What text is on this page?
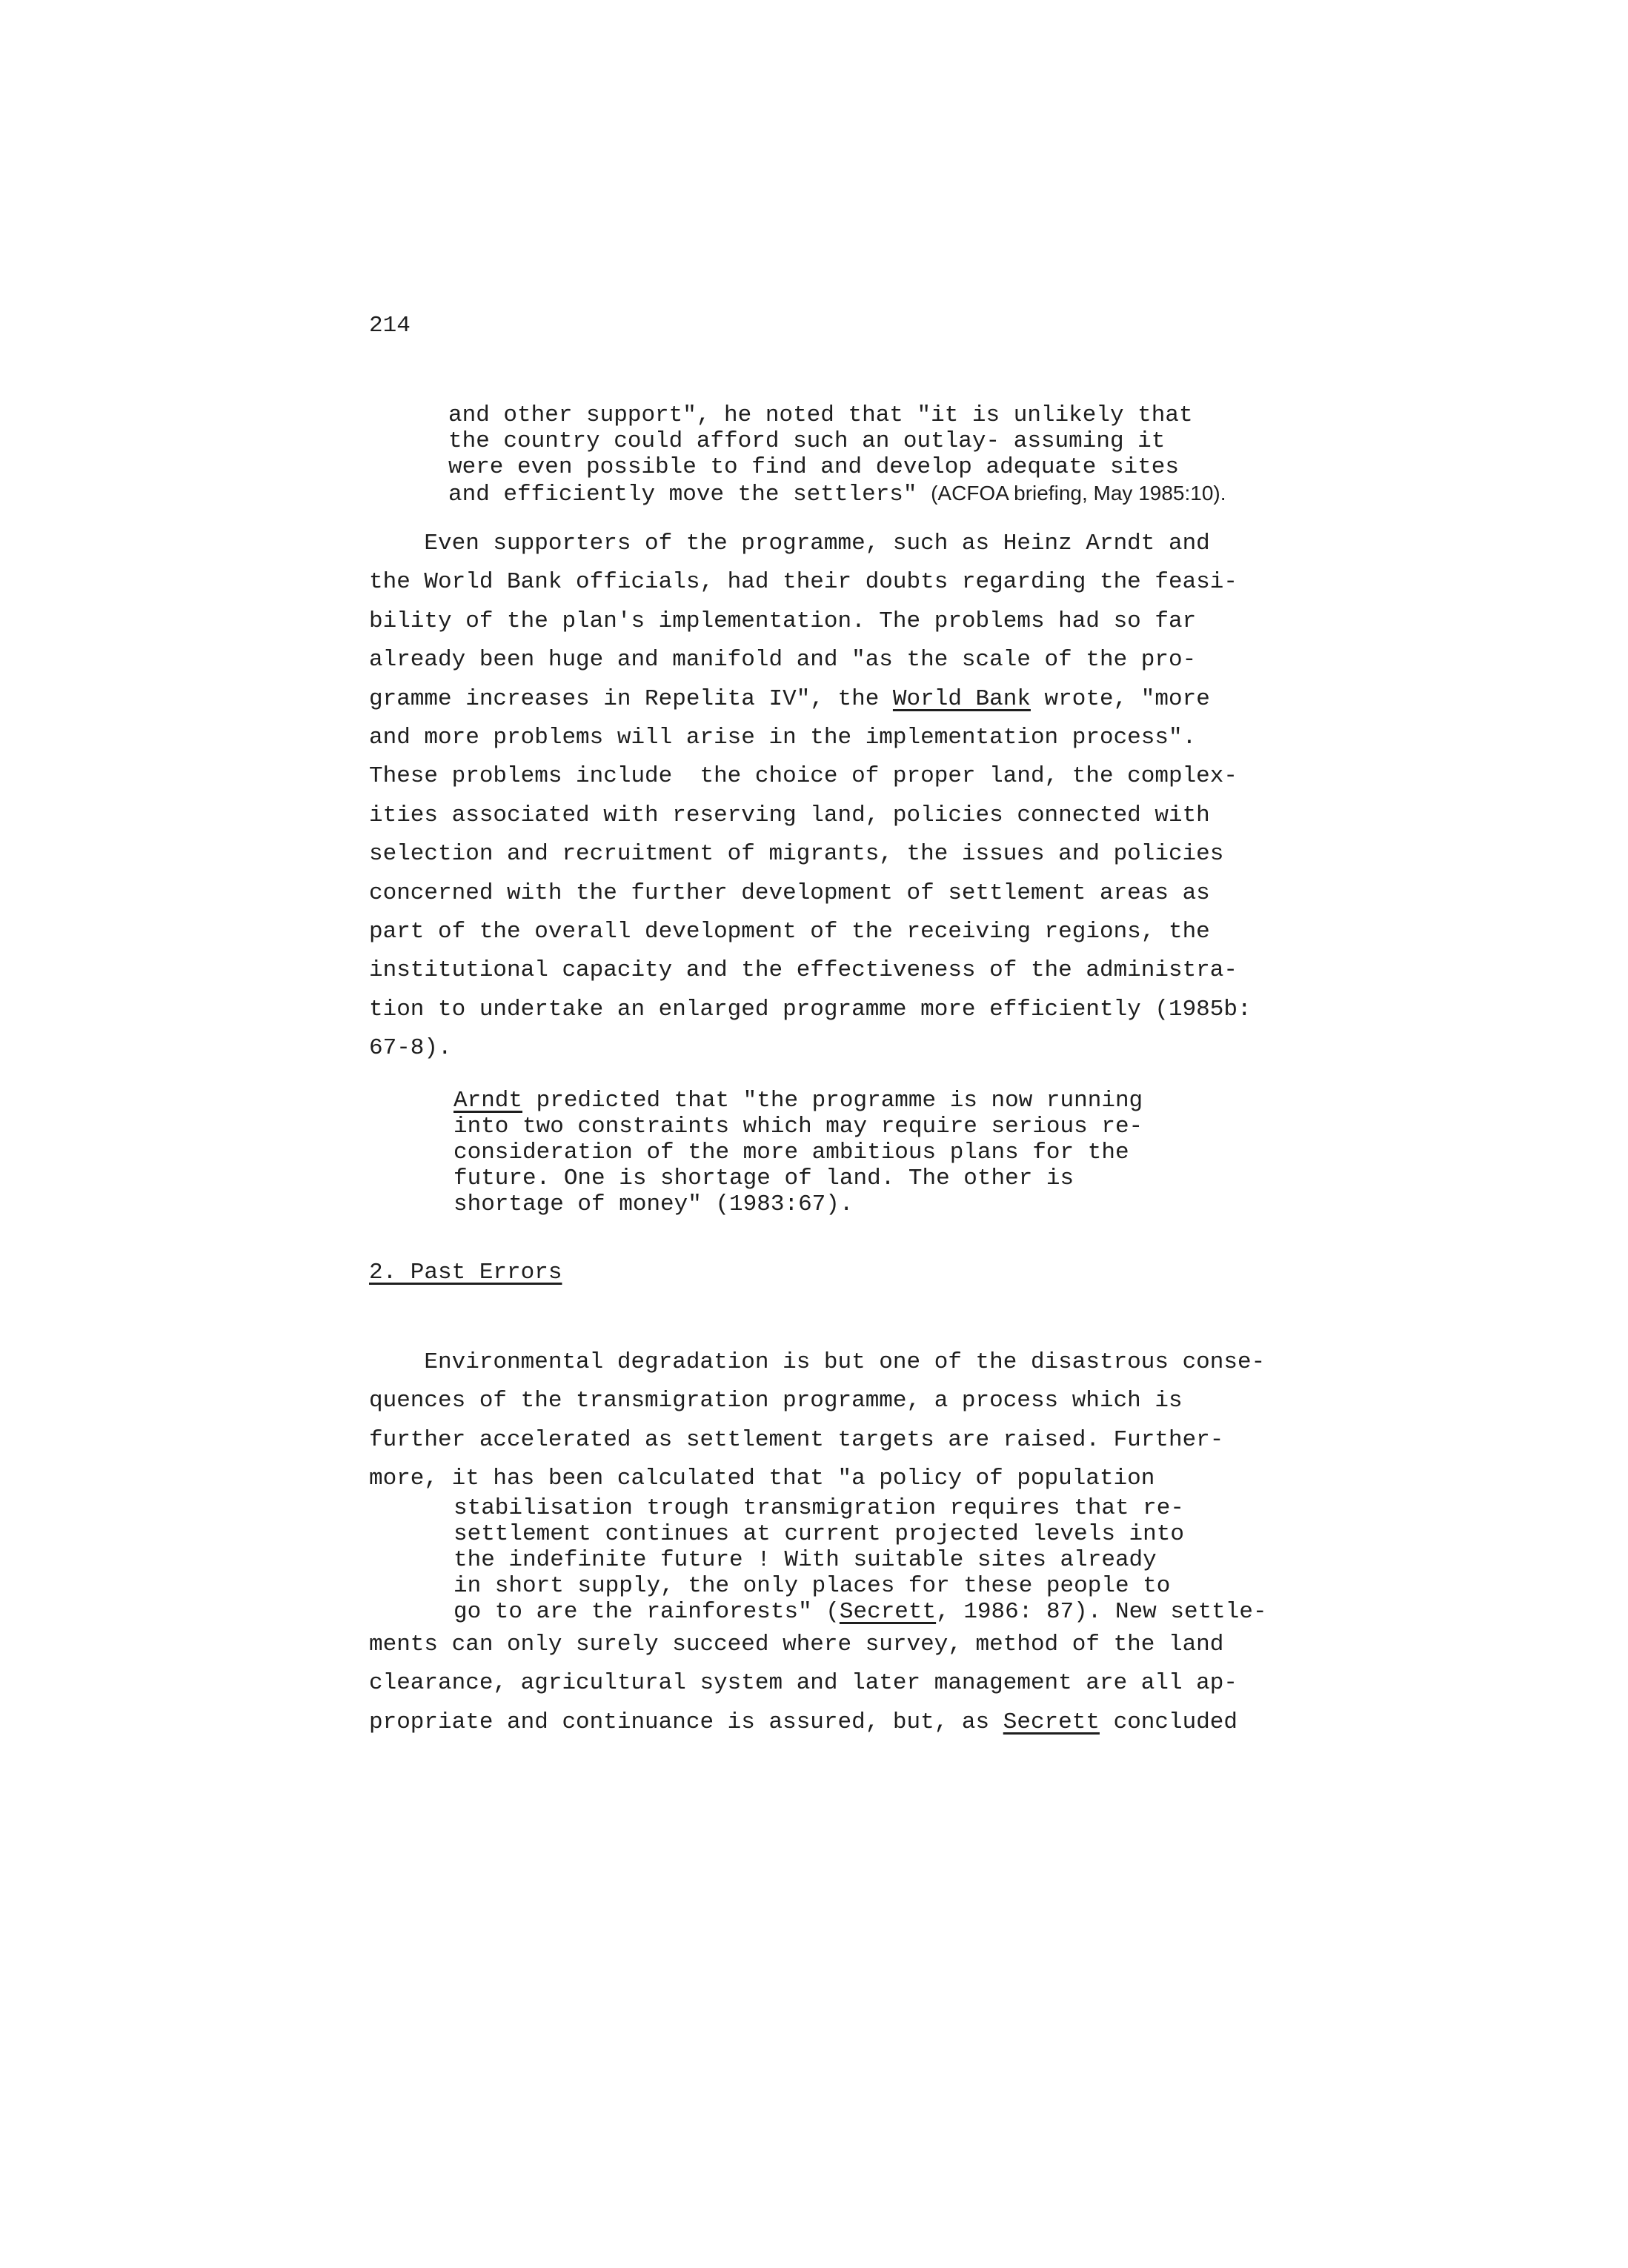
214
and other support", he noted that "it is unlikely that
the country could afford such an outlay- assuming it
were even possible to find and develop adequate sites
and efficiently move the settlers" (ACFOA briefing, May 1985:10).
Even supporters of the programme, such as Heinz Arndt and
the World Bank officials, had their doubts regarding the feasi-
bility of the plan's implementation. The problems had so far
already been huge and manifold and "as the scale of the pro-
gramme increases in Repelita IV", the World Bank wrote, "more
and more problems will arise in the implementation process".
These problems include  the choice of proper land, the complex-
ities associated with reserving land, policies connected with
selection and recruitment of migrants, the issues and policies
concerned with the further development of settlement areas as
part of the overall development of the receiving regions, the
institutional capacity and the effectiveness of the administra-
tion to undertake an enlarged programme more efficiently (1985b:
67-8).
Arndt predicted that "the programme is now running
into two constraints which may require serious re-
consideration of the more ambitious plans for the
future. One is shortage of land. The other is
shortage of money" (1983:67).
2. Past Errors
Environmental degradation is but one of the disastrous conse-
quences of the transmigration programme, a process which is
further accelerated as settlement targets are raised. Further-
more, it has been calculated that "a policy of population
stabilisation trough transmigration requires that re-
settlement continues at current projected levels into
the indefinite future ! With suitable sites already
in short supply, the only places for these people to
go to are the rainforests" (Secrett, 1986: 87). New settle-
ments can only surely succeed where survey, method of the land
clearance, agricultural system and later management are all ap-
propriate and continuance is assured, but, as Secrett concluded
